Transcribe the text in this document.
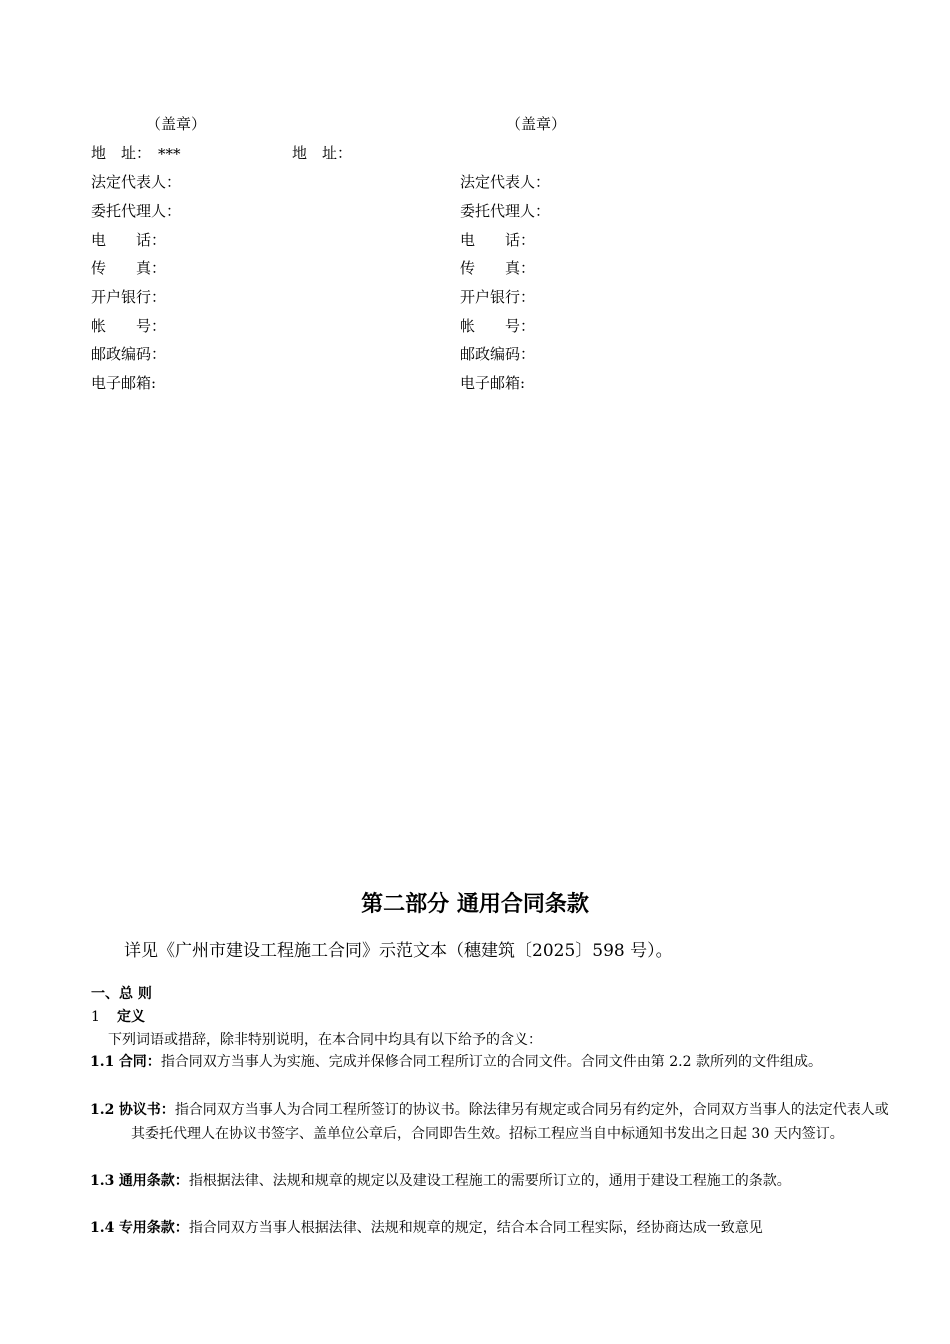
（盖章）	（盖章）
地　址： ***	地　址：
法定代表人：
委托代理人：
电　　话：
传　　真：
开户银行：
帐　　号：
邮政编码：
电子邮箱:
法定代表人：
委托代理人：
电　　话：
传　　真：
开户银行：
帐　　号：
邮政编码：
电子邮箱:
第二部分 通用合同条款
详见《广州市建设工程施工合同》示范文本（穗建筑〔2025〕598 号）。
一、总 则
1 定义
下列词语或措辞，除非特别说明，在本合同中均具有以下给予的含义：
1.1 合同：指合同双方当事人为实施、完成并保修合同工程所订立的合同文件。合同文件由第 2.2 款所列的文件组成。
1.2 协议书：指合同双方当事人为合同工程所签订的协议书。除法律另有规定或合同另有约定外，合同双方当事人的法定代表人或其委托代理人在协议书签字、盖单位公章后，合同即告生效。招标工程应当自中标通知书发出之日起 30 天内签订。
1.3 通用条款：指根据法律、法规和规章的规定以及建设工程施工的需要所订立的，通用于建设工程施工的条款。
1.4 专用条款：指合同双方当事人根据法律、法规和规章的规定，结合本合同工程实际，经协商达成一致意见
